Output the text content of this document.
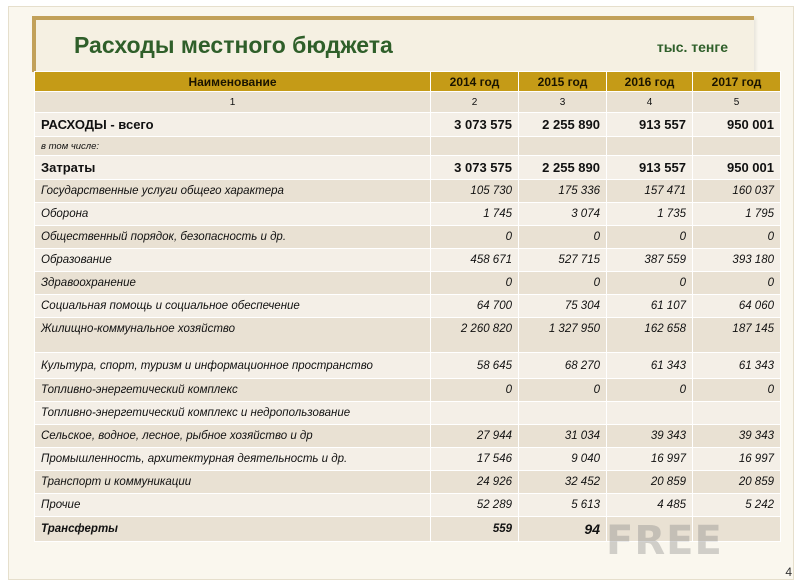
Расходы местного бюджета	тыс. тенге
Наименование	2014 год	2015 год	2016 год	2017 год
1	2	3	4	5
РАСХОДЫ - всего	3 073 575	2 255 890	913 557	950 001
в том числе:				
Затраты	3 073 575	2 255 890	913 557	950 001
Государственные услуги общего характера	105 730	175 336	157 471	160 037
Оборона	1 745	3 074	1 735	1 795
Общественный порядок, безопасность и др.	0	0	0	0
Образование	458 671	527 715	387 559	393 180
Здравоохранение	0	0	0	0
Социальная помощь и социальное обеспечение	64 700	75 304	61 107	64 060
Жилищно-коммунальное хозяйство	2 260 820	1 327 950	162 658	187 145
Культура, спорт, туризм и информационное пространство	58 645	68 270	61 343	61 343
Топливно-энергетический комплекс	0	0	0	0
Топливно-энергетический комплекс и недропользование				
Сельское, водное, лесное, рыбное хозяйство и др	27 944	31 034	39 343	39 343
Промышленность, архитектурная деятельность и др.	17 546	9 040	16 997	16 997
Транспорт и коммуникации	24 926	32 452	20 859	20 859
Прочие	52 289	5 613	4 485	5 242
Трансферты	559	94		FREE
4
